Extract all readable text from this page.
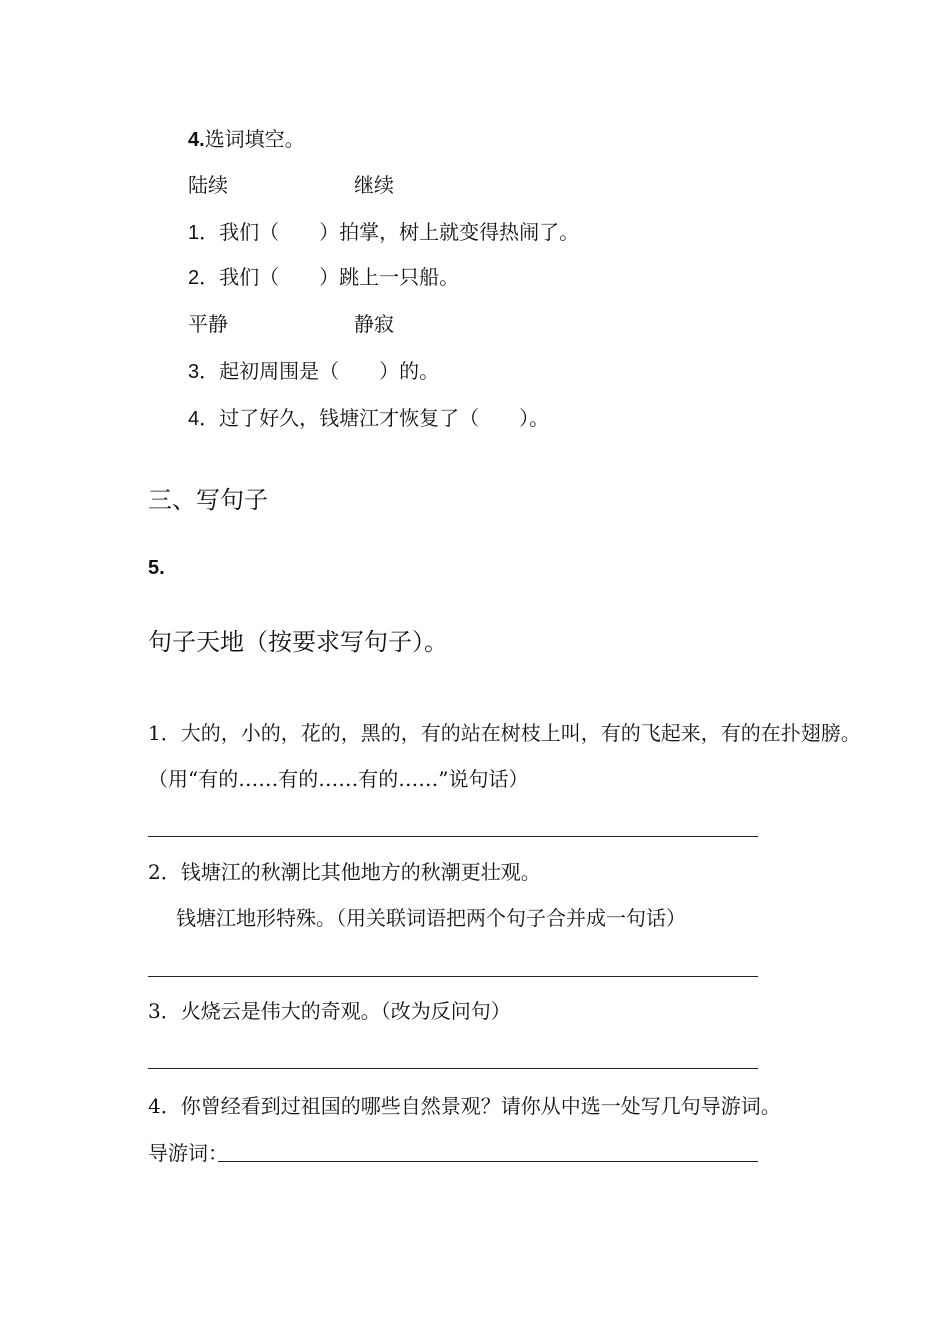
4.选词填空。
陆续	继续
1．我们（　　）拍掌，树上就变得热闹了。
2．我们（　　）跳上一只船。
平静	静寂
3．起初周围是（　　）的。
4．过了好久，钱塘江才恢复了（　　）。
三、写句子
5.
句子天地（按要求写句子）。
1．大的，小的，花的，黑的，有的站在树枝上叫，有的飞起来，有的在扑翅膀。
（用“有的……有的……有的……”说句话）
2．钱塘江的秋潮比其他地方的秋潮更壮观。
钱塘江地形特殊。（用关联词语把两个句子合并成一句话）
3．火烧云是伟大的奇观。（改为反问句）
4．你曾经看到过祖国的哪些自然景观？请你从中选一处写几句导游词。
导游词：
